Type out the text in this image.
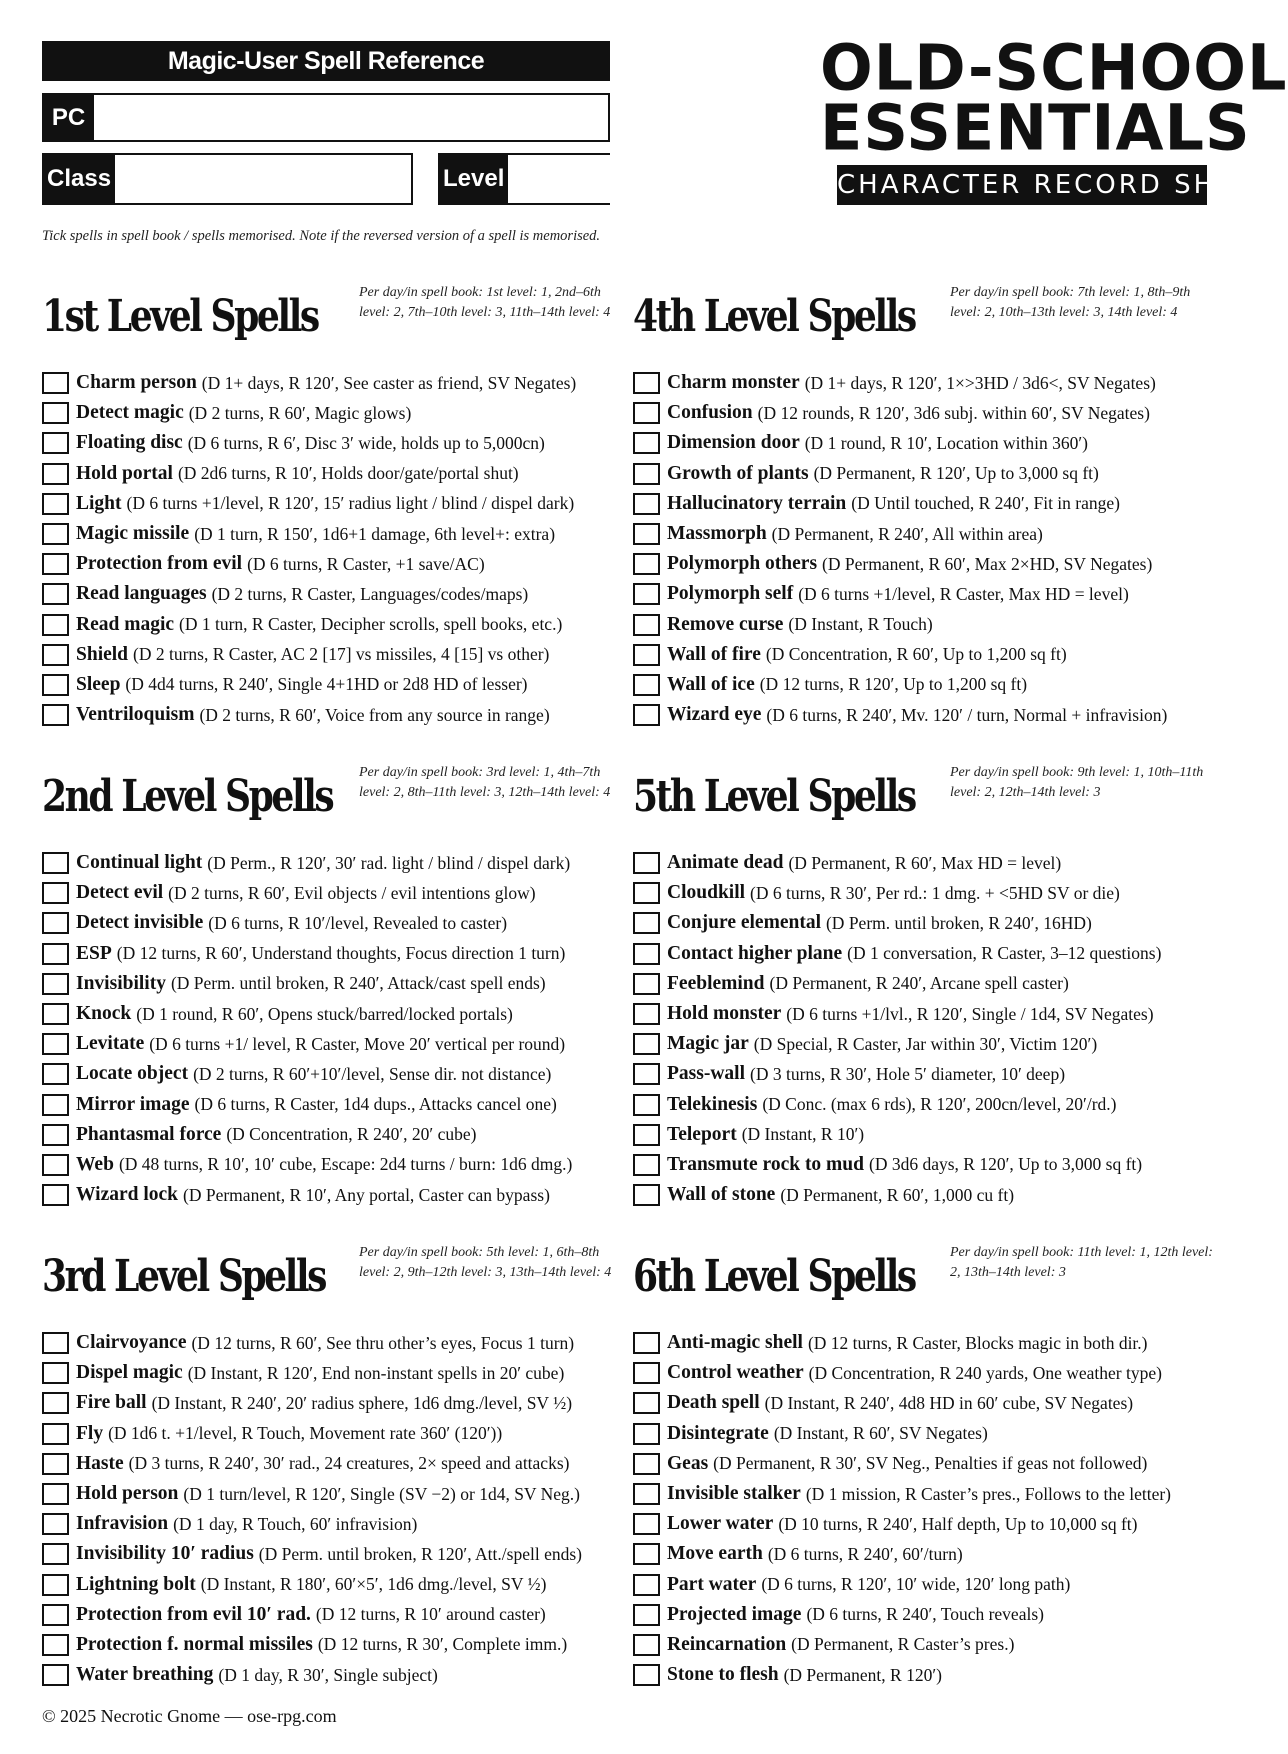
Magic-User Spell Reference
PC
Class	Level
OLD-SCHOOL
ESSENTIALS
CHARACTER RECORD SHEET
Tick spells in spell book / spells memorised. Note if the reversed version of a spell is memorised.
1st Level Spells	Per day/in spell book: 1st level: 1, 2nd–6th level: 2, 7th–10th level: 3, 11th–14th level: 4
Charm person (D 1+ days, R 120′, See caster as friend, SV Negates)
Detect magic (D 2 turns, R 60′, Magic glows)
Floating disc (D 6 turns, R 6′, Disc 3′ wide, holds up to 5,000cn)
Hold portal (D 2d6 turns, R 10′, Holds door/gate/portal shut)
Light (D 6 turns +1/level, R 120′, 15′ radius light / blind / dispel dark)
Magic missile (D 1 turn, R 150′, 1d6+1 damage, 6th level+: extra)
Protection from evil (D 6 turns, R Caster, +1 save/AC)
Read languages (D 2 turns, R Caster, Languages/codes/maps)
Read magic (D 1 turn, R Caster, Decipher scrolls, spell books, etc.)
Shield (D 2 turns, R Caster, AC 2 [17] vs missiles, 4 [15] vs other)
Sleep (D 4d4 turns, R 240′, Single 4+1HD or 2d8 HD of lesser)
Ventriloquism (D 2 turns, R 60′, Voice from any source in range)
2nd Level Spells Per day/in spell book: 3rd level: 1, 4th–7th level: 2, 8th–11th level: 3, 12th–14th level: 4
Continual light (D Perm., R 120′, 30′ rad. light / blind / dispel dark)
Detect evil (D 2 turns, R 60′, Evil objects / evil intentions glow)
Detect invisible (D 6 turns, R 10′/level, Revealed to caster)
ESP (D 12 turns, R 60′, Understand thoughts, Focus direction 1 turn)
Invisibility (D Perm. until broken, R 240′, Attack/cast spell ends)
Knock (D 1 round, R 60′, Opens stuck/barred/locked portals)
Levitate (D 6 turns +1/ level, R Caster, Move 20′ vertical per round)
Locate object (D 2 turns, R 60′+10′/level, Sense dir. not distance)
Mirror image (D 6 turns, R Caster, 1d4 dups., Attacks cancel one)
Phantasmal force (D Concentration, R 240′, 20′ cube)
Web (D 48 turns, R 10′, 10′ cube, Escape: 2d4 turns / burn: 1d6 dmg.)
Wizard lock (D Permanent, R 10′, Any portal, Caster can bypass)
3rd Level Spells Per day/in spell book: 5th level: 1, 6th–8th level: 2, 9th–12th level: 3, 13th–14th level: 4
Clairvoyance (D 12 turns, R 60′, See thru other’s eyes, Focus 1 turn)
Dispel magic (D Instant, R 120′, End non-instant spells in 20′ cube)
Fire ball (D Instant, R 240′, 20′ radius sphere, 1d6 dmg./level, SV ½)
Fly (D 1d6 t. +1/level, R Touch, Movement rate 360′ (120′))
Haste (D 3 turns, R 240′, 30′ rad., 24 creatures, 2× speed and attacks)
Hold person (D 1 turn/level, R 120′, Single (SV −2) or 1d4, SV Neg.)
Infravision (D 1 day, R Touch, 60′ infravision)
Invisibility 10′ radius (D Perm. until broken, R 120′, Att./spell ends)
Lightning bolt (D Instant, R 180′, 60′×5′, 1d6 dmg./level, SV ½)
Protection from evil 10′ rad. (D 12 turns, R 10′ around caster)
Protection f. normal missiles (D 12 turns, R 30′, Complete imm.)
Water breathing (D 1 day, R 30′, Single subject)
4th Level Spells	Per day/in spell book: 7th level: 1, 8th–9th level: 2, 10th–13th level: 3, 14th level: 4
Charm monster (D 1+ days, R 120′, 1×>3HD / 3d6<, SV Negates)
Confusion (D 12 rounds, R 120′, 3d6 subj. within 60′, SV Negates)
Dimension door (D 1 round, R 10′, Location within 360′)
Growth of plants (D Permanent, R 120′, Up to 3,000 sq ft)
Hallucinatory terrain (D Until touched, R 240′, Fit in range)
Massmorph (D Permanent, R 240′, All within area)
Polymorph others (D Permanent, R 60′, Max 2×HD, SV Negates)
Polymorph self (D 6 turns +1/level, R Caster, Max HD = level)
Remove curse (D Instant, R Touch)
Wall of fire (D Concentration, R 60′, Up to 1,200 sq ft)
Wall of ice (D 12 turns, R 120′, Up to 1,200 sq ft)
Wizard eye (D 6 turns, R 240′, Mv. 120′ / turn, Normal + infravision)
5th Level Spells	Per day/in spell book: 9th level: 1, 10th–11th level: 2, 12th–14th level: 3
Animate dead (D Permanent, R 60′, Max HD = level)
Cloudkill (D 6 turns, R 30′, Per rd.: 1 dmg. + <5HD SV or die)
Conjure elemental (D Perm. until broken, R 240′, 16HD)
Contact higher plane (D 1 conversation, R Caster, 3–12 questions)
Feeblemind (D Permanent, R 240′, Arcane spell caster)
Hold monster (D 6 turns +1/lvl., R 120′, Single / 1d4, SV Negates)
Magic jar (D Special, R Caster, Jar within 30′, Victim 120′)
Pass-wall (D 3 turns, R 30′, Hole 5′ diameter, 10′ deep)
Telekinesis (D Conc. (max 6 rds), R 120′, 200cn/level, 20′/rd.)
Teleport (D Instant, R 10′)
Transmute rock to mud (D 3d6 days, R 120′, Up to 3,000 sq ft)
Wall of stone (D Permanent, R 60′, 1,000 cu ft)
6th Level Spells	Per day/in spell book: 11th level: 1, 12th level: 2, 13th–14th level: 3
Anti-magic shell (D 12 turns, R Caster, Blocks magic in both dir.)
Control weather (D Concentration, R 240 yards, One weather type)
Death spell (D Instant, R 240′, 4d8 HD in 60′ cube, SV Negates)
Disintegrate (D Instant, R 60′, SV Negates)
Geas (D Permanent, R 30′, SV Neg., Penalties if geas not followed)
Invisible stalker (D 1 mission, R Caster’s pres., Follows to the letter)
Lower water (D 10 turns, R 240′, Half depth, Up to 10,000 sq ft)
Move earth (D 6 turns, R 240′, 60′/turn)
Part water (D 6 turns, R 120′, 10′ wide, 120′ long path)
Projected image (D 6 turns, R 240′, Touch reveals)
Reincarnation (D Permanent, R Caster’s pres.)
Stone to flesh (D Permanent, R 120′)
© 2025 Necrotic Gnome — ose-rpg.com
